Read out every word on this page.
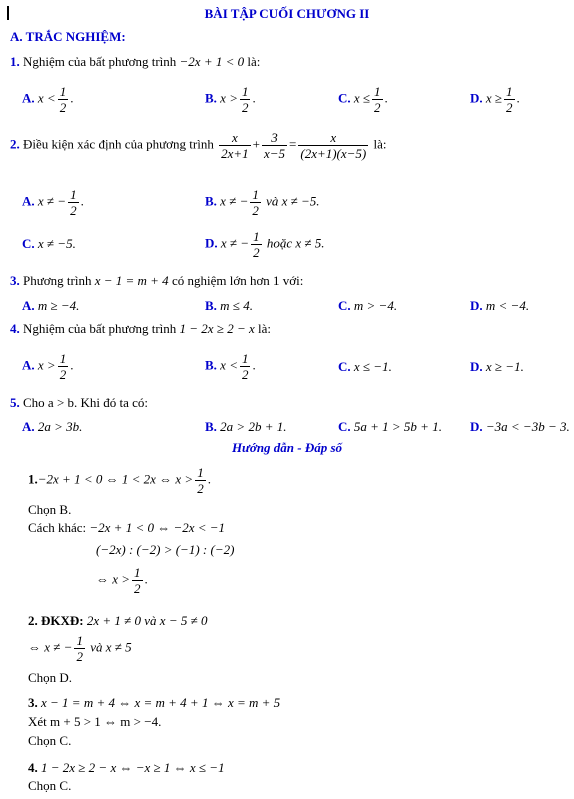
BÀI TẬP CUỐI CHƯƠNG II
A. TRẮC NGHIỆM:
1. Nghiệm của bất phương trình −2x + 1 < 0 là:
A. $x < \frac{1}{2}$ .	B. $x > \frac{1}{2}$ .	C. $x \le \frac{1}{2}$ .	D. $x \ge \frac{1}{2}$ .
2. Điều kiện xác định của phương trình $\frac{x}{2x+1} + \frac{3}{x-5} = \frac{x}{(2x+1)(x-5)}$ là:
A. x ≠ − $\frac{1}{2}$ .	B. x ≠ − $\frac{1}{2}$ và x ≠ −5.
C. x ≠ −5.	D. x ≠ − $\frac{1}{2}$ hoặc x ≠ 5.
3. Phương trình x − 1 = m + 4 có nghiệm lớn hơn 1 với:
A. m ≥ −4.	B. m ≤ 4.	C. m > −4.	D. m < −4.
4. Nghiệm của bất phương trình 1 − 2x ≥ 2 − x là:
A. $x > \frac{1}{2}$ .	B. $x < \frac{1}{2}$ .	C. x ≤ −1.	D. x ≥ −1.
5. Cho a > b. Khi đó ta có:
A. 2a > 3b.	B. 2a > 2b + 1.	C. 5a + 1 > 5b + 1. D. −3a < −3b − 3.
Hướng dẫn - Đáp số
1.−2x + 1 < 0 ⇔ 1 < 2x ⇔ $x > \frac{1}{2}$ .
Chọn B.
Cách khác: −2x + 1 < 0 ⇔ −2x < −1
(−2x) : (−2) > (−1) : (−2)
⇔ $x > \frac{1}{2}$ .
2. ĐKXĐ: 2x + 1 ≠ 0 và x − 5 ≠ 0
⇔ x ≠ − $\frac{1}{2}$ và x ≠ 5
Chọn D.
3. x − 1 = m + 4 ⇔ x = m + 4 + 1 ⇔ x = m + 5
Xét m + 5 > 1 ⇔ m > −4.
Chọn C.
4. 1 − 2x ≥ 2 − x ⇔ −x ≥ 1 ⇔ x ≤ −1
Chọn C.
